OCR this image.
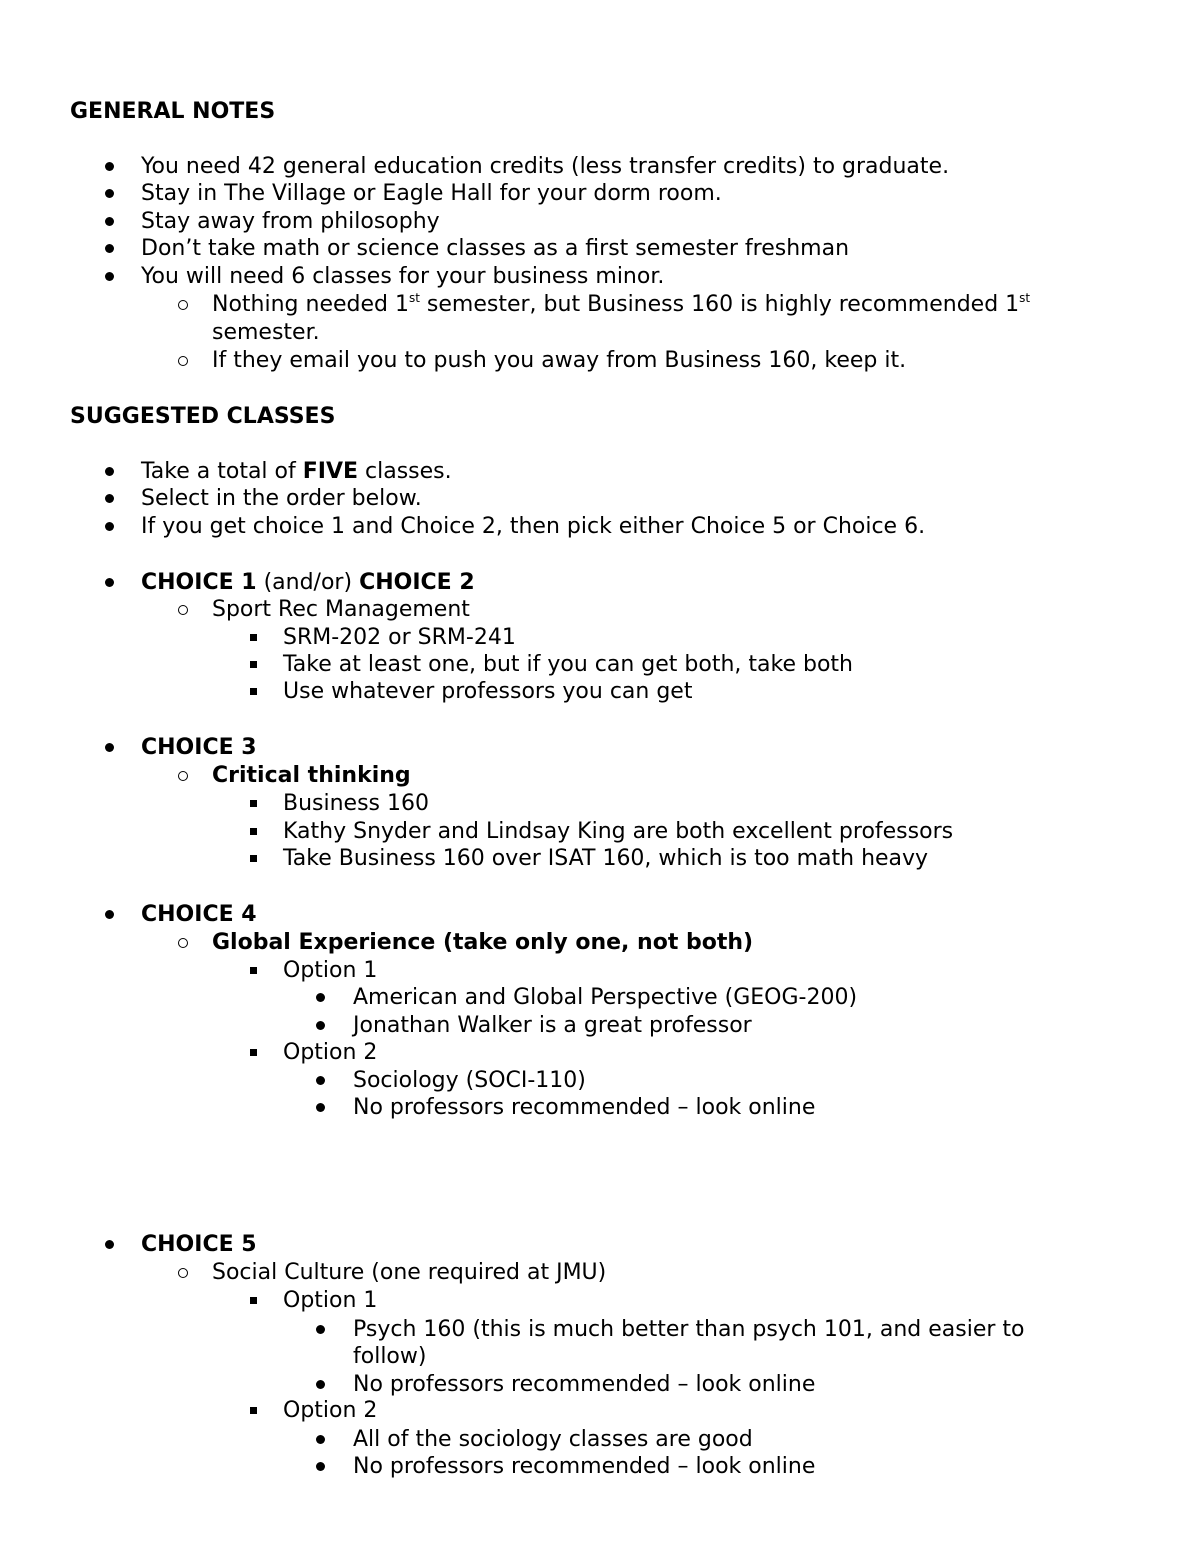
GENERAL NOTES
You need 42 general education credits (less transfer credits) to graduate.
Stay in The Village or Eagle Hall for your dorm room.
Stay away from philosophy
Don’t take math or science classes as a first semester freshman
You will need 6 classes for your business minor.
Nothing needed 1st semester, but Business 160 is highly recommended 1st
semester.
If they email you to push you away from Business 160, keep it.
SUGGESTED CLASSES
Take a total of FIVE classes.
Select in the order below.
If you get choice 1 and Choice 2, then pick either Choice 5 or Choice 6.
CHOICE 1 (and/or) CHOICE 2
Sport Rec Management
SRM-202 or SRM-241
Take at least one, but if you can get both, take both
Use whatever professors you can get
CHOICE 3
Critical thinking
Business 160
Kathy Snyder and Lindsay King are both excellent professors
Take Business 160 over ISAT 160, which is too math heavy
CHOICE 4
Global Experience (take only one, not both)
Option 1
American and Global Perspective (GEOG-200)
Jonathan Walker is a great professor
Option 2
Sociology (SOCI-110)
No professors recommended – look online
CHOICE 5
Social Culture (one required at JMU)
Option 1
Psych 160 (this is much better than psych 101, and easier to
follow)
No professors recommended – look online
Option 2
All of the sociology classes are good
No professors recommended – look online
